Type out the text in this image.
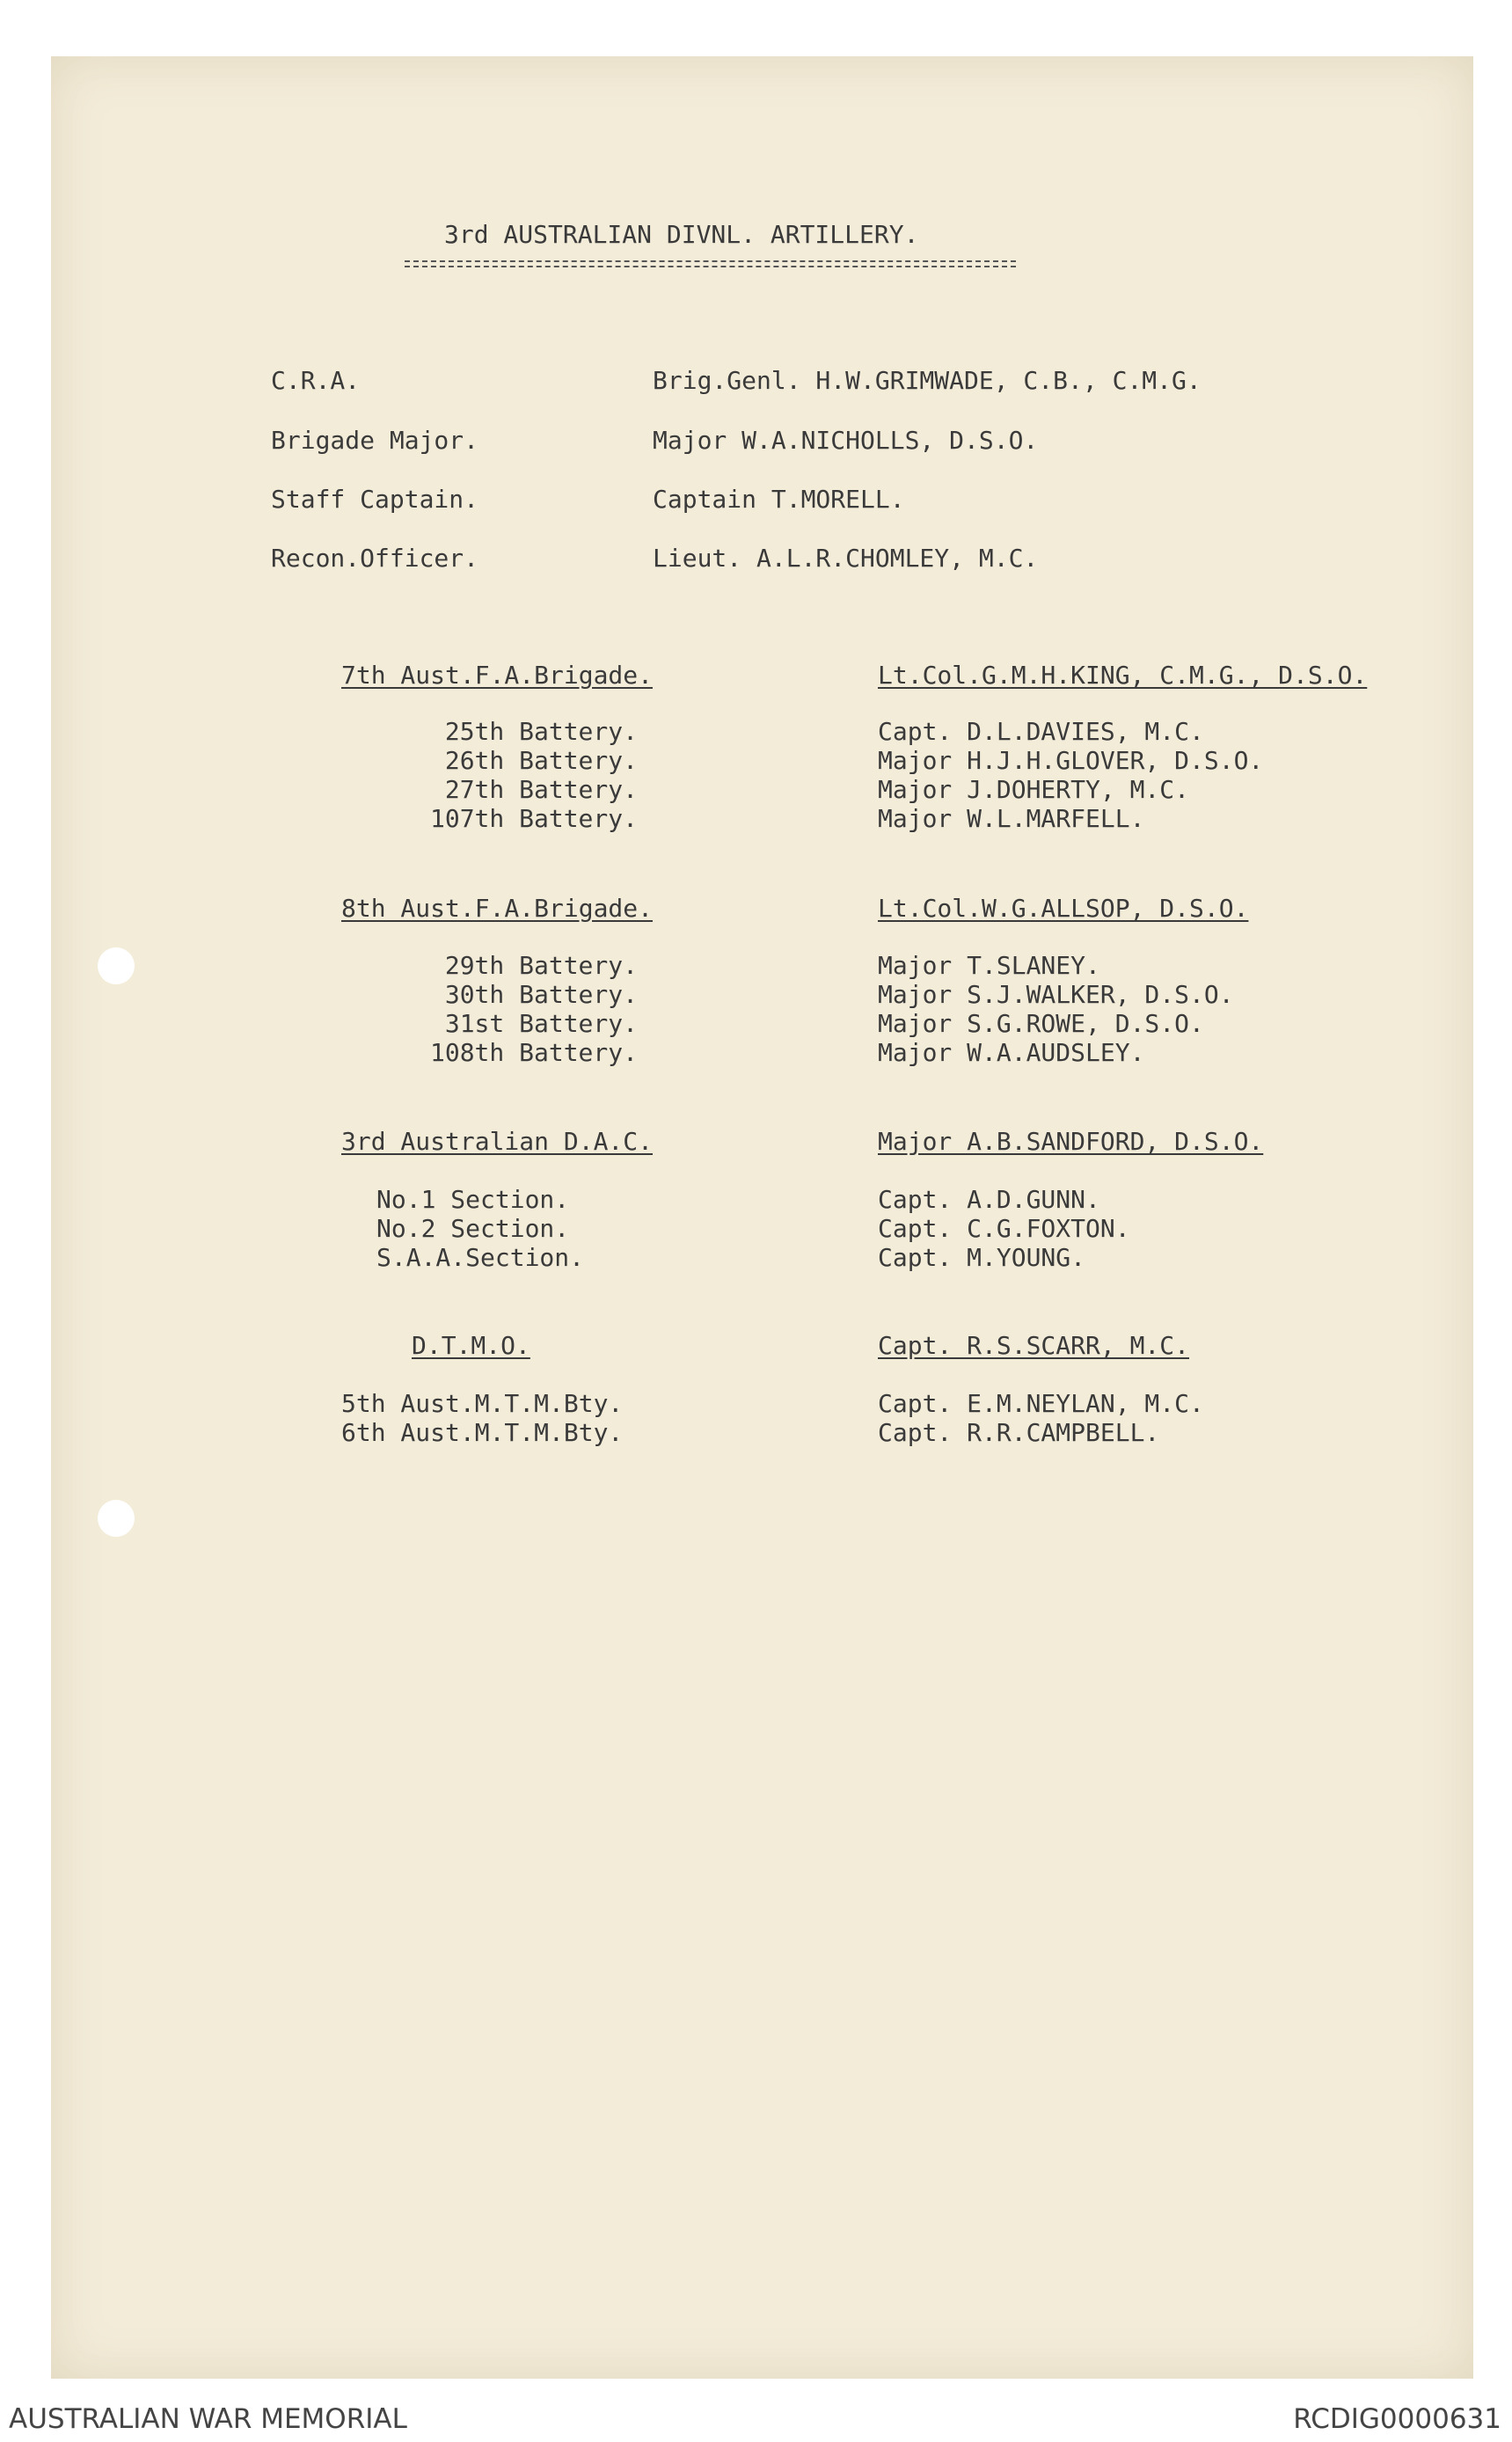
3rd AUSTRALIAN DIVNL. ARTILLERY.
C.R.A.	Brig.Genl. H.W.GRIMWADE, C.B., C.M.G.
Brigade Major.	Major W.A.NICHOLLS, D.S.O.
Staff Captain.	Captain T.MORELL.
Recon.Officer.	Lieut. A.L.R.CHOMLEY, M.C.
7th Aust.F.A.Brigade.	Lt.Col.G.M.H.KING, C.M.G., D.S.O.
25th Battery.	Capt. D.L.DAVIES, M.C.
26th Battery.	Major H.J.H.GLOVER, D.S.O.
27th Battery.	Major J.DOHERTY, M.C.
107th Battery.	Major W.L.MARFELL.
8th Aust.F.A.Brigade.	Lt.Col.W.G.ALLSOP, D.S.O.
29th Battery.	Major T.SLANEY.
30th Battery.	Major S.J.WALKER, D.S.O.
31st Battery.	Major S.G.ROWE, D.S.O.
108th Battery.	Major W.A.AUDSLEY.
3rd Australian D.A.C.	Major A.B.SANDFORD, D.S.O.
No.1 Section.	Capt. A.D.GUNN.
No.2 Section.	Capt. C.G.FOXTON.
S.A.A.Section.	Capt. M.YOUNG.
D.T.M.O.	Capt. R.S.SCARR, M.C.
5th Aust.M.T.M.Bty.	Capt. E.M.NEYLAN, M.C.
6th Aust.M.T.M.Bty.	Capt. R.R.CAMPBELL.
AUSTRALIAN WAR MEMORIAL	RCDIG0000631
